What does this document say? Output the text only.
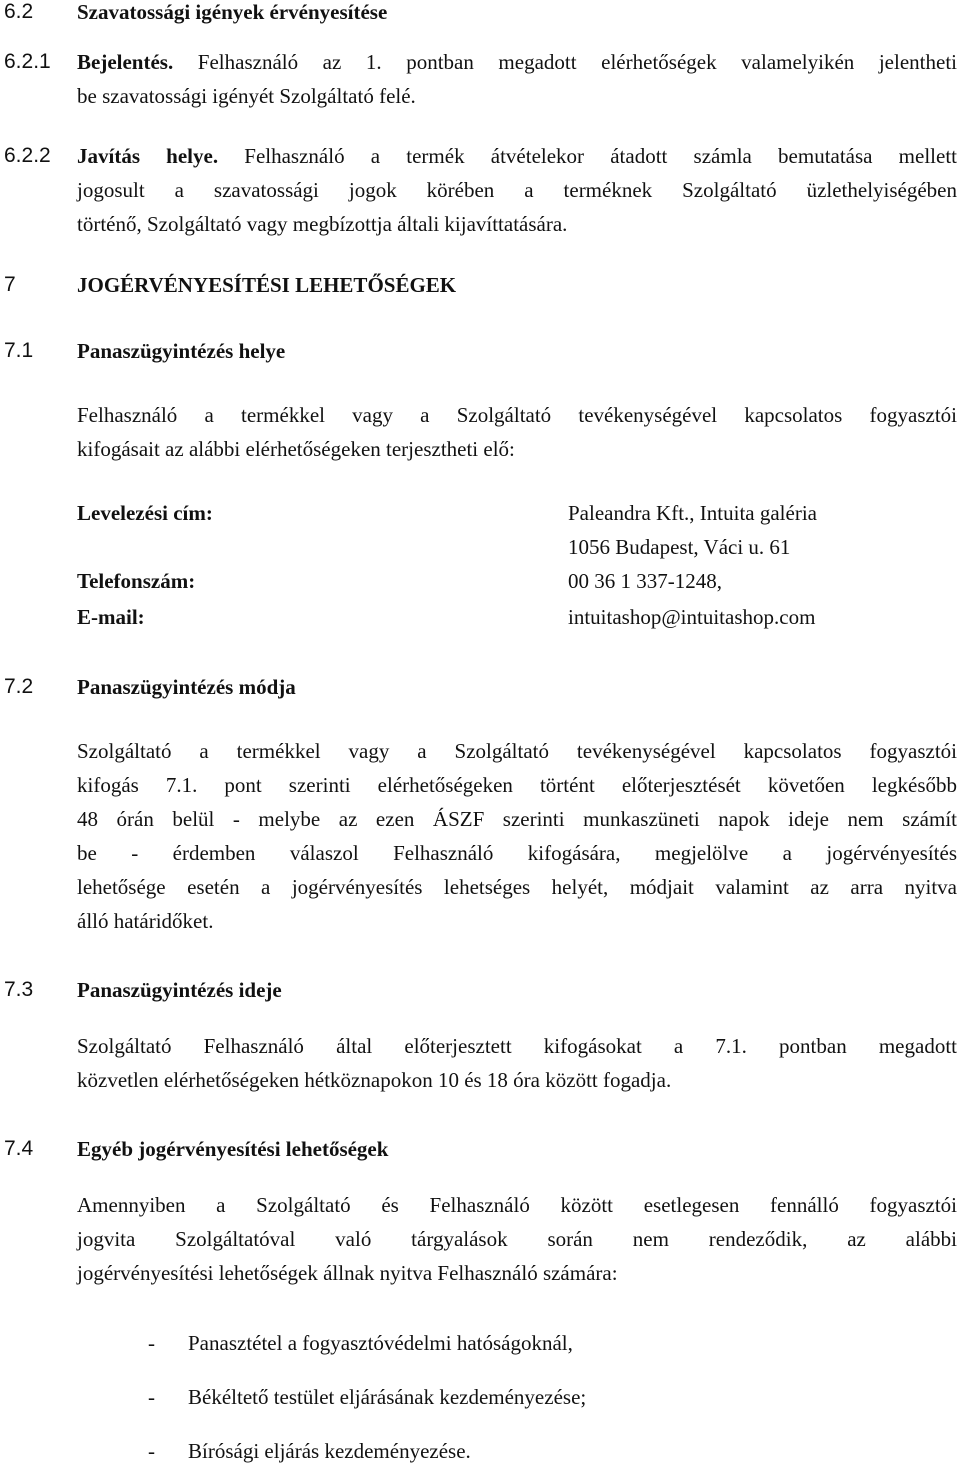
6.2 Szavatossági igények érvényesítése
6.2.1 Bejelentés. Felhasználó az 1. pontban megadott elérhetőségek valamelyikén jelentheti
be szavatossági igényét Szolgáltató felé.
6.2.2 Javítás helye. Felhasználó a termék átvételekor átadott számla bemutatása mellett
jogosult a szavatossági jogok körében a terméknek Szolgáltató üzlethelyiségében
történő, Szolgáltató vagy megbízottja általi kijavíttatására.
7	JOGÉRVÉNYESÍTÉSI LEHETŐSÉGEK
7.1 Panaszügyintézés helye
Felhasználó a termékkel vagy a Szolgáltató tevékenységével kapcsolatos fogyasztói
kifogásait az alábbi elérhetőségeken terjesztheti elő:
Levelezési cím:	Paleandra Kft., Intuita galéria
1056 Budapest, Váci u. 61
Telefonszám:	00 36 1 337-1248,
E-mail:	intuitashop@intuitashop.com
7.2 Panaszügyintézés módja
Szolgáltató a termékkel vagy a Szolgáltató tevékenységével kapcsolatos fogyasztói
kifogás 7.1. pont szerinti elérhetőségeken történt előterjesztését követően legkésőbb
48 órán belül - melybe az ezen ÁSZF szerinti munkaszüneti napok ideje nem számít
be - érdemben válaszol Felhasználó kifogására, megjelölve a jogérvényesítés
lehetősége esetén a jogérvényesítés lehetséges helyét, módjait valamint az arra nyitva
álló határidőket.
7.3 Panaszügyintézés ideje
Szolgáltató Felhasználó által előterjesztett kifogásokat a 7.1. pontban megadott
közvetlen elérhetőségeken hétköznapokon 10 és 18 óra között fogadja.
7.4 Egyéb jogérvényesítési lehetőségek
Amennyiben a Szolgáltató és Felhasználó között esetlegesen fennálló fogyasztói
jogvita Szolgáltatóval való tárgyalások során nem rendeződik, az alábbi
jogérvényesítési lehetőségek állnak nyitva Felhasználó számára:
- Panasztétel a fogyasztóvédelmi hatóságoknál,
- Békéltető testület eljárásának kezdeményezése;
- Bírósági eljárás kezdeményezése.
